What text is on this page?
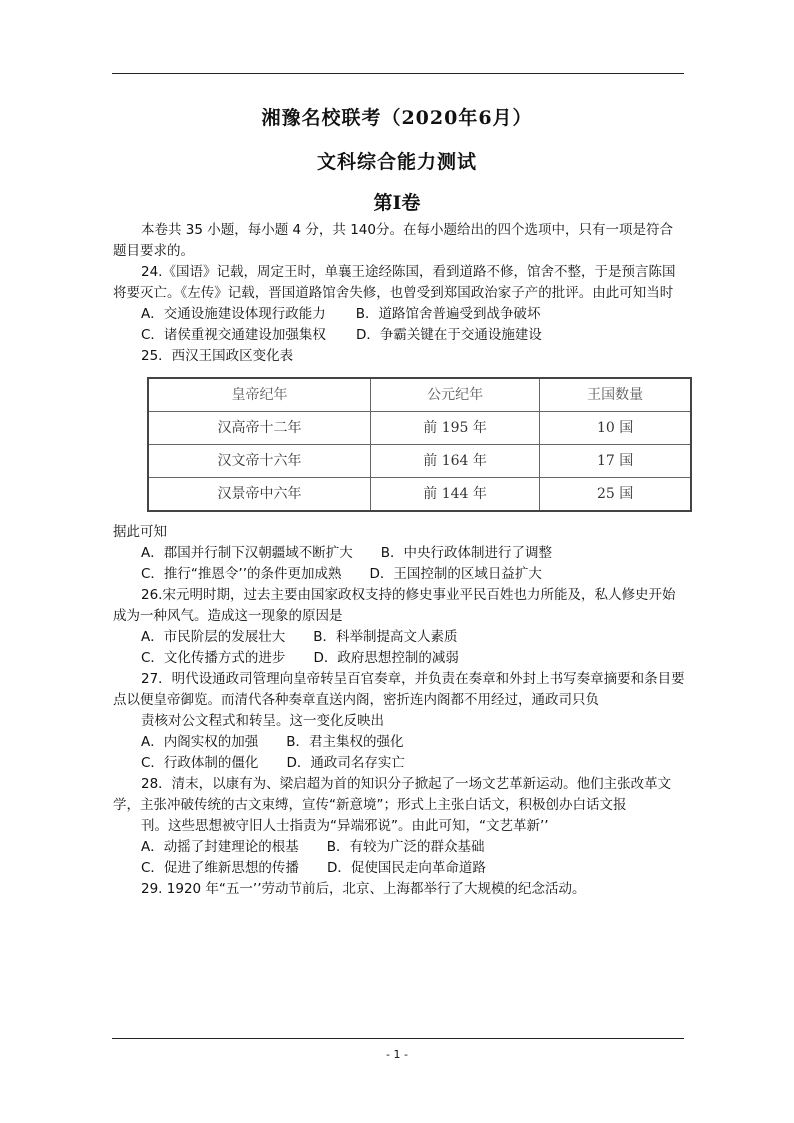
湘豫名校联考（2020年6月）
文科综合能力测试
第Ⅰ卷

本卷共 35 小题，每小题 4 分，共 140分。在每小题给出的四个选项中，只有一项是符合题目要求的。

24.《国语》记载，周定王时，单襄王途经陈国，看到道路不修，馆舍不整，于是预言陈国将要灭亡。《左传》记载，晋国道路馆舍失修，也曾受到郑国政治家子产的批评。由此可知当时

A．交通设施建设体现行政能力 B．道路馆舍普遍受到战争破坏
C．诸侯重视交通建设加强集权 D．争霸关键在于交通设施建设

25．西汉王国政区变化表

皇帝纪年	公元纪年	王国数量
汉高帝十二年	前 195 年	10 国
汉文帝十六年	前 164 年	17 国
汉景帝中六年	前 144 年	25 国

据此可知

A．郡国并行制下汉朝疆域不断扩大 B．中央行政体制进行了调整
C．推行“推恩令’’的条件更加成熟 D．王国控制的区域日益扩大

26.宋元明时期，过去主要由国家政权支持的修史事业平民百姓也力所能及，私人修史开始成为一种风气。造成这一现象的原因是

A．市民阶层的发展壮大 B．科举制提高文人素质
C．文化传播方式的进步 D．政府思想控制的减弱

27．明代设通政司管理向皇帝转呈百官奏章，并负责在奏章和外封上书写奏章摘要和条目要点以便皇帝御览。而清代各种奏章直送内阁，密折连内阁都不用经过，通政司只负

责核对公文程式和转呈。这一变化反映出

A．内阁实权的加强 B．君主集权的强化
C．行政体制的僵化 D．通政司名存实亡

28．清末，以康有为、梁启超为首的知识分子掀起了一场文艺革新运动。他们主张改革文学，主张冲破传统的古文束缚，宣传“新意境”；形式上主张白话文，积极创办白话文报

刊。这些思想被守旧人士指责为“异端邪说”。由此可知，“文艺革新’’

A．动摇了封建理论的根基 B．有较为广泛的群众基础
C．促进了维新思想的传播 D．促使国民走向革命道路

29. 1920 年“五一’’劳动节前后，北京、上海都举行了大规模的纪念活动。

- 1 -
